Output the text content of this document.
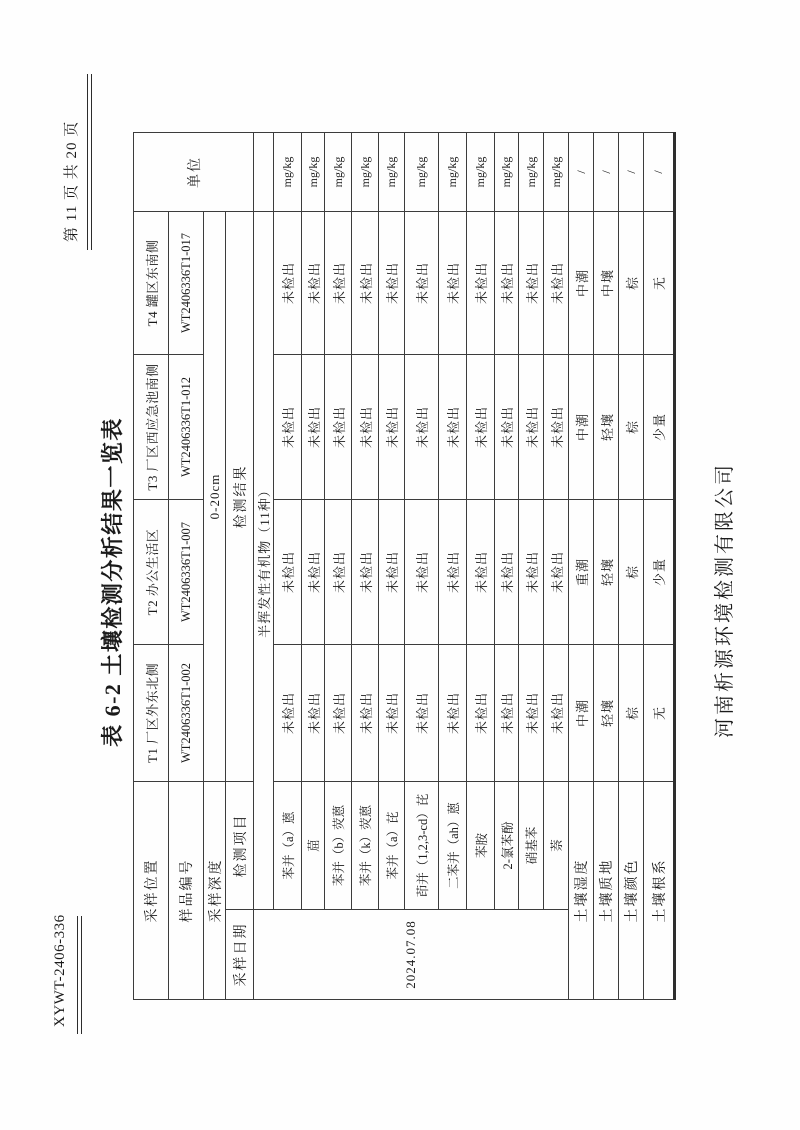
XYWT-2406-336
第 11 页 共 20 页
表 6-2 土壤检测分析结果一览表
采样位置		T1 厂区外东北侧	T2 办公生活区	T3 厂区西应急池南侧	T4 罐区东南侧	单位
样品编号		WT2406336T1-002	WT2406336T1-007	WT2406336T1-012	WT2406336T1-017	
采样深度		0-20cm				
采样日期	检测项目	检测结果				
2024.07.08	半挥发性有机物（11种）					
	苯并（a）蒽	未检出	未检出	未检出	未检出	mg/kg
	䓛	未检出	未检出	未检出	未检出	mg/kg
	苯并（b）荧蒽	未检出	未检出	未检出	未检出	mg/kg
	苯并（k）荧蒽	未检出	未检出	未检出	未检出	mg/kg
	苯并（a）芘	未检出	未检出	未检出	未检出	mg/kg
	茚并（1,2,3-cd）芘	未检出	未检出	未检出	未检出	mg/kg
	二苯并（ah）蒽	未检出	未检出	未检出	未检出	mg/kg
	苯胺	未检出	未检出	未检出	未检出	mg/kg
	2-氯苯酚	未检出	未检出	未检出	未检出	mg/kg
	硝基苯	未检出	未检出	未检出	未检出	mg/kg
	萘	未检出	未检出	未检出	未检出	mg/kg
土壤湿度		中潮	重潮	中潮	中潮	/
土壤质地		轻壤	轻壤	轻壤	中壤	/
土壤颜色		棕	棕	棕	棕	/
土壤根系		无	少量	少量	无	/
河南析源环境检测有限公司
